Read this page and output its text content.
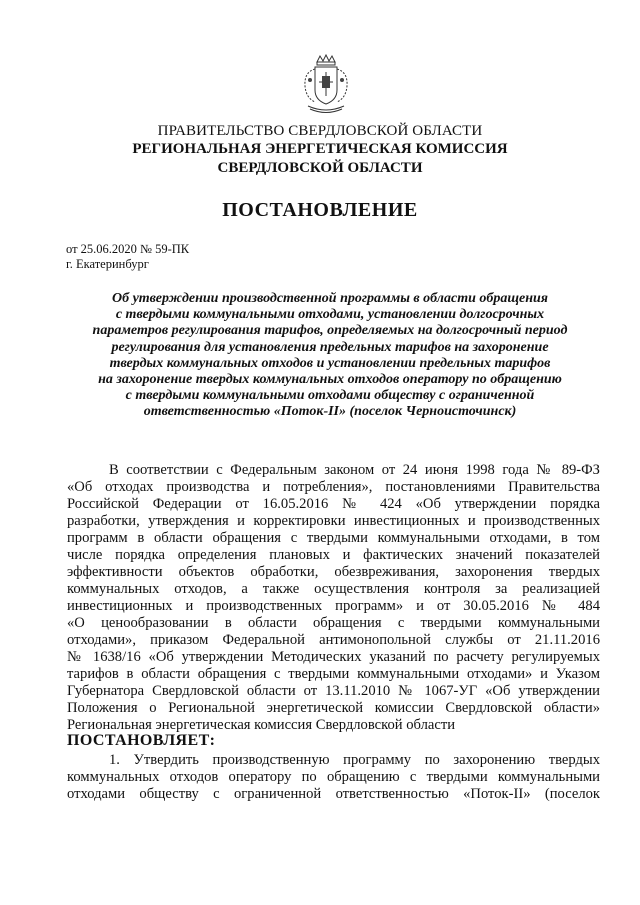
ПРАВИТЕЛЬСТВО СВЕРДЛОВСКОЙ ОБЛАСТИ
РЕГИОНАЛЬНАЯ ЭНЕРГЕТИЧЕСКАЯ КОМИССИЯ
СВЕРДЛОВСКОЙ ОБЛАСТИ
ПОСТАНОВЛЕНИЕ
от 25.06.2020 № 59-ПК
г. Екатеринбург
Об утверждении производственной программы в области обращения
с твердыми коммунальными отходами, установлении долгосрочных
параметров регулирования тарифов, определяемых на долгосрочный период
регулирования для установления предельных тарифов на захоронение
твердых коммунальных отходов и установлении предельных тарифов
на захоронение твердых коммунальных отходов оператору по обращению
с твердыми коммунальными отходами обществу с ограниченной
ответственностью «Поток-II» (поселок Черноисточинск)
В соответствии с Федеральным законом от 24 июня 1998 года № 89-ФЗ
«Об отходах производства и потребления», постановлениями Правительства
Российской Федерации от 16.05.2016 № 424 «Об утверждении порядка
разработки, утверждения и корректировки инвестиционных и производственных
программ в области обращения с твердыми коммунальными отходами, в том
числе порядка определения плановых и фактических значений показателей
эффективности объектов обработки, обезвреживания, захоронения твердых
коммунальных отходов, а также осуществления контроля за реализацией
инвестиционных и производственных программ» и от 30.05.2016 № 484
«О ценообразовании в области обращения с твердыми коммунальными
отходами», приказом Федеральной антимонопольной службы от 21.11.2016
№ 1638/16 «Об утверждении Методических указаний по расчету регулируемых
тарифов в области обращения с твердыми коммунальными отходами» и Указом
Губернатора Свердловской области от 13.11.2010 № 1067-УГ «Об утверждении
Положения о Региональной энергетической комиссии Свердловской области»
Региональная энергетическая комиссия Свердловской области
ПОСТАНОВЛЯЕТ:
1. Утвердить производственную программу по захоронению твердых
коммунальных отходов оператору по обращению с твердыми коммунальными
отходами обществу с ограниченной ответственностью «Поток-II» (поселок
